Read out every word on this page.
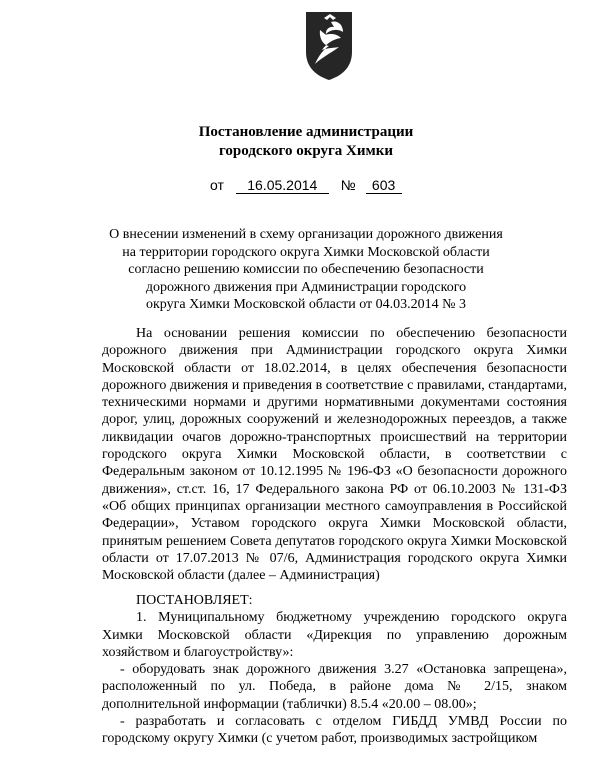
Постановление администрации
городского округа Химки
от 16.05.2014 № 603
О внесении изменений в схему организации дорожного движения
на территории городского округа Химки Московской области
согласно решению комиссии по обеспечению безопасности
дорожного движения при Администрации городского
округа Химки Московской области от 04.03.2014 № 3

На основании решения комиссии по обеспечению безопасности дорожного движения при Администрации городского округа Химки Московской области от 18.02.2014, в целях обеспечения безопасности дорожного движения и приведения в соответствие с правилами, стандартами, техническими нормами и другими нормативными документами состояния дорог, улиц, дорожных сооружений и железнодорожных переездов, а также ликвидации очагов дорожно-транспортных происшествий на территории городского округа Химки Московской области, в соответствии с Федеральным законом от 10.12.1995 № 196-ФЗ «О безопасности дорожного движения», ст.ст. 16, 17 Федерального закона РФ от 06.10.2003 № 131-ФЗ «Об общих принципах организации местного самоуправления в Российской Федерации», Уставом городского округа Химки Московской области, принятым решением Совета депутатов городского округа Химки Московской области от 17.07.2013 № 07/6, Администрация городского округа Химки Московской области (далее – Администрация)

ПОСТАНОВЛЯЕТ:

1. Муниципальному бюджетному учреждению городского округа Химки Московской области «Дирекция по управлению дорожным хозяйством и благоустройству»:

- оборудовать знак дорожного движения 3.27 «Остановка запрещена», расположенный по ул. Победа, в районе дома № 2/15, знаком дополнительной информации (таблички) 8.5.4 «20.00 – 08.00»;

- разработать и согласовать с отделом ГИБДД УМВД России по городскому округу Химки (с учетом работ, производимых застройщиком
